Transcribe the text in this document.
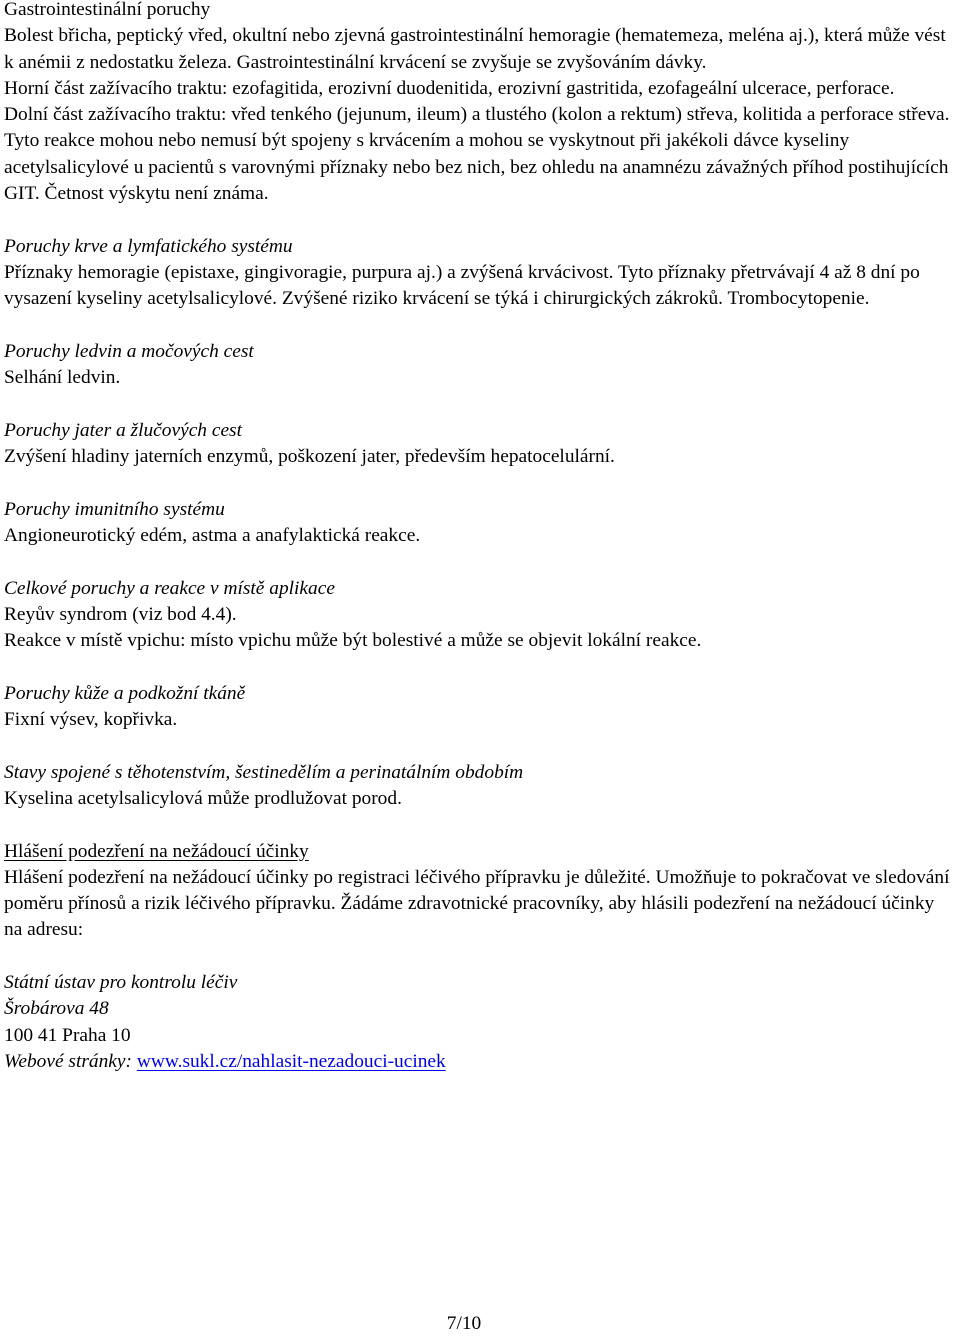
Gastrointestinální poruchy
Bolest břicha, peptický vřed, okultní nebo zjevná gastrointestinální hemoragie (hematemeza, meléna aj.), která může vést k anémii z nedostatku železa. Gastrointestinální krvácení se zvyšuje se zvyšováním dávky.
Horní část zažívacího traktu: ezofagitida, erozivní duodenitida, erozivní gastritida, ezofageální ulcerace, perforace.
Dolní část zažívacího traktu: vřed tenkého (jejunum, ileum) a tlustého (kolon a rektum) střeva, kolitida a perforace střeva.
Tyto reakce mohou nebo nemusí být spojeny s krvácením a mohou se vyskytnout při jakékoli dávce kyseliny acetylsalicylové u pacientů s varovnými příznaky nebo bez nich, bez ohledu na anamnézu závažných příhod postihujících GIT. Četnost výskytu není známa.
Poruchy krve a lymfatického systému
Příznaky hemoragie (epistaxe, gingivoragie, purpura aj.) a zvýšená krvácivost. Tyto příznaky přetrvávají 4 až 8 dní po vysazení kyseliny acetylsalicylové. Zvýšené riziko krvácení se týká i chirurgických zákroků. Trombocytopenie.
Poruchy ledvin a močových cest
Selhání ledvin.
Poruchy jater a žlučových cest
Zvýšení hladiny jaterních enzymů, poškození jater, především hepatocelulární.
Poruchy imunitního systému
Angioneurotický edém, astma a anafylaktická reakce.
Celkové poruchy a reakce v místě aplikace
Reyův syndrom (viz bod 4.4).
Reakce v místě vpichu: místo vpichu může být bolestivé a může se objevit lokální reakce.
Poruchy kůže a podkožní tkáně
Fixní výsev, kopřivka.
Stavy spojené s těhotenstvím, šestinedělím a perinatálním obdobím
Kyselina acetylsalicylová může prodlužovat porod.
Hlášení podezření na nežádoucí účinky
Hlášení podezření na nežádoucí účinky po registraci léčivého přípravku je důležité. Umožňuje to pokračovat ve sledování poměru přínosů a rizik léčivého přípravku. Žádáme zdravotnické pracovníky, aby hlásili podezření na nežádoucí účinky na adresu:
Státní ústav pro kontrolu léčiv
Šrobárova 48
100 41 Praha 10
Webové stránky: www.sukl.cz/nahlasit-nezadouci-ucinek
7/10
